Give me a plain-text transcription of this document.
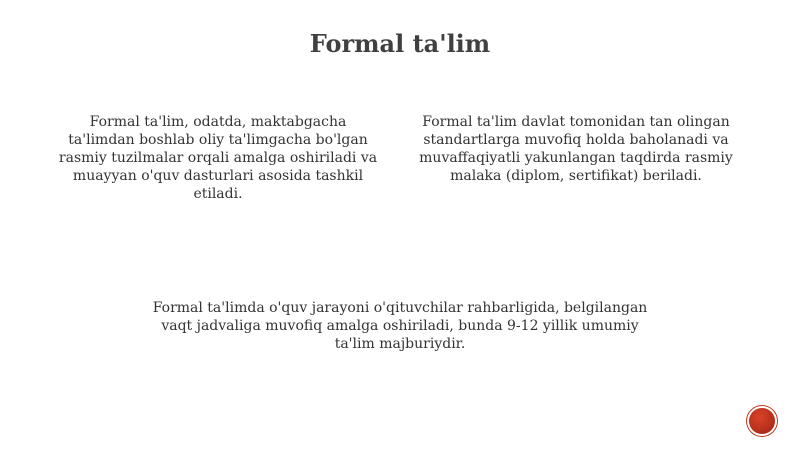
Formal ta'lim

Formal ta'lim, odatda, maktabgacha ta'limdan boshlab oliy ta'limgacha bo'lgan rasmiy tuzilmalar orqali amalga oshiriladi va muayyan o'quv dasturlari asosida tashkil etiladi.

Formal ta'lim davlat tomonidan tan olingan standartlarga muvofiq holda baholanadi va muvaffaqiyatli yakunlangan taqdirda rasmiy malaka (diplom, sertifikat) beriladi.

Formal ta'limda o'quv jarayoni o'qituvchilar rahbarligida, belgilangan vaqt jadvaliga muvofiq amalga oshiriladi, bunda 9-12 yillik umumiy ta'lim majburiydir.
